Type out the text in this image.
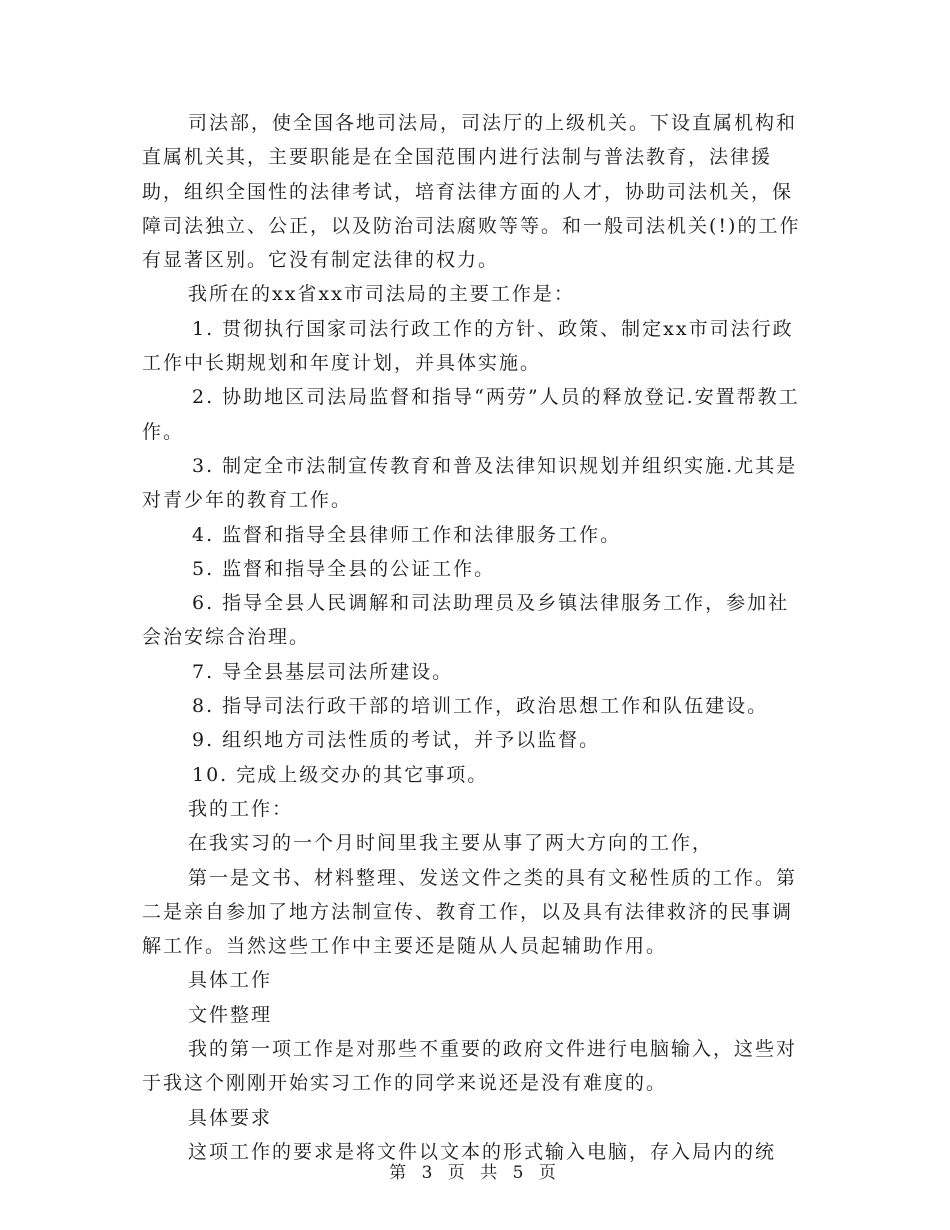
司法部，使全国各地司法局，司法厅的上级机关。下设直属机构和直属机关其，主要职能是在全国范围内进行法制与普法教育，法律援助，组织全国性的法律考试，培育法律方面的人才，协助司法机关，保障司法独立、公正，以及防治司法腐败等等。和一般司法机关(!)的工作有显著区别。它没有制定法律的权力。

我所在的xx省xx市司法局的主要工作是：

1. 贯彻执行国家司法行政工作的方针、政策、制定xx市司法行政工作中长期规划和年度计划，并具体实施。

2. 协助地区司法局监督和指导“两劳”人员的释放登记.安置帮教工作。

3. 制定全市法制宣传教育和普及法律知识规划并组织实施.尤其是对青少年的教育工作。

4. 监督和指导全县律师工作和法律服务工作。

5. 监督和指导全县的公证工作。

6. 指导全县人民调解和司法助理员及乡镇法律服务工作，参加社会治安综合治理。

7. 导全县基层司法所建设。

8. 指导司法行政干部的培训工作，政治思想工作和队伍建设。

9. 组织地方司法性质的考试，并予以监督。

10. 完成上级交办的其它事项。

我的工作：

在我实习的一个月时间里我主要从事了两大方向的工作，

第一是文书、材料整理、发送文件之类的具有文秘性质的工作。第二是亲自参加了地方法制宣传、教育工作，以及具有法律救济的民事调解工作。当然这些工作中主要还是随从人员起辅助作用。

具体工作

文件整理

我的第一项工作是对那些不重要的政府文件进行电脑输入，这些对于我这个刚刚开始实习工作的同学来说还是没有难度的。

具体要求

这项工作的要求是将文件以文本的形式输入电脑，存入局内的统

第 3 页 共 5 页
